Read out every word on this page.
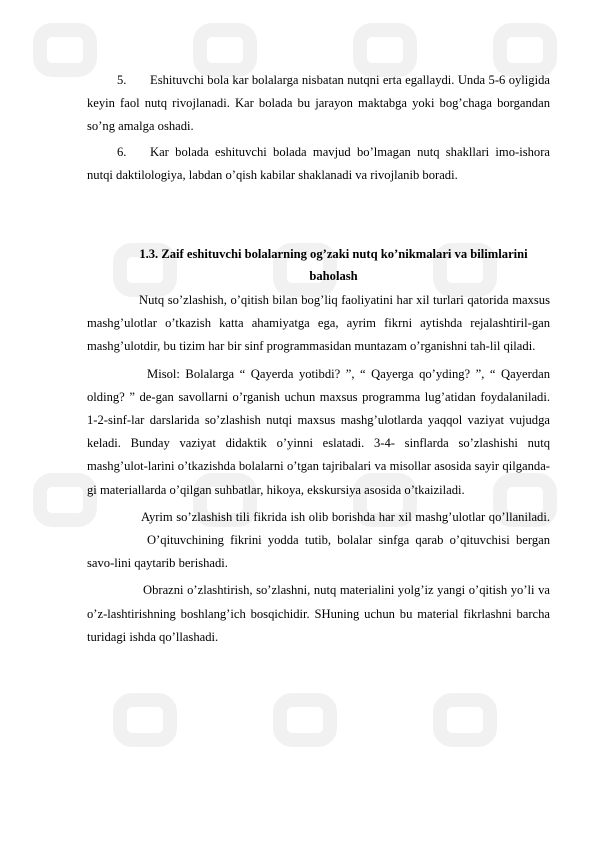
5. Eshituvchi bola kar bolalarga nisbatan nutqni erta egallaydi. Unda 5-6 oyligida keyin faol nutq rivojlanadi. Kar bolada bu jarayon maktabga yoki bog’chaga borgandan so’ng amalga oshadi.

6. Kar bolada eshituvchi bolada mavjud bo’lmagan nutq shakllari imo-ishora nutqi daktilologiya, labdan o’qish kabilar shaklanadi va rivojlanib boradi.

1.3. Zaif eshituvchi bolalarning og’zaki nutq ko’nikmalari va bilimlarini baholash

Nutq so’zlashish, o’qitish bilan bog’liq faoliyatini har xil turlari qatorida maxsus mashg’ulotlar o’tkazish katta ahamiyatga ega, ayrim fikrni aytishda rejalashtiril-gan mashg’ulotdir, bu tizim har bir sinf programmasidan muntazam o’rganishni tah-lil qiladi.

Misol: Bolalarga “ Qayerda yotibdi? ”, “ Qayerga qo’yding? ”, “ Qayerdan olding? ” de-gan savollarni o’rganish uchun maxsus programma lug’atidan foydalaniladi. 1-2-sinf-lar darslarida so’zlashish nutqi maxsus mashg’ulotlarda yaqqol vaziyat vujudga keladi. Bunday vaziyat didaktik o’yinni eslatadi. 3-4- sinflarda so’zlashishi nutq mashg’ulot-larini o’tkazishda bolalarni o’tgan tajribalari va misollar asosida sayir qilganda-gi materiallarda o’qilgan suhbatlar, hikoya, ekskursiya asosida o’tkaiziladi.

Ayrim so’zlashish tili fikrida ish olib borishda har xil mashg’ulotlar qo’llaniladi.O’qituvchining fikrini yodda tutib, bolalar sinfga qarab o’qituvchisi bergan savo-lini qaytarib berishadi.

Obrazni o’zlashtirish, so’zlashni, nutq materialini yolg’iz yangi o’qitish yo’li va o’z-lashtirishning boshlang’ich bosqichidir. SHuning uchun bu material fikrlashni barcha turidagi ishda qo’llashadi.
